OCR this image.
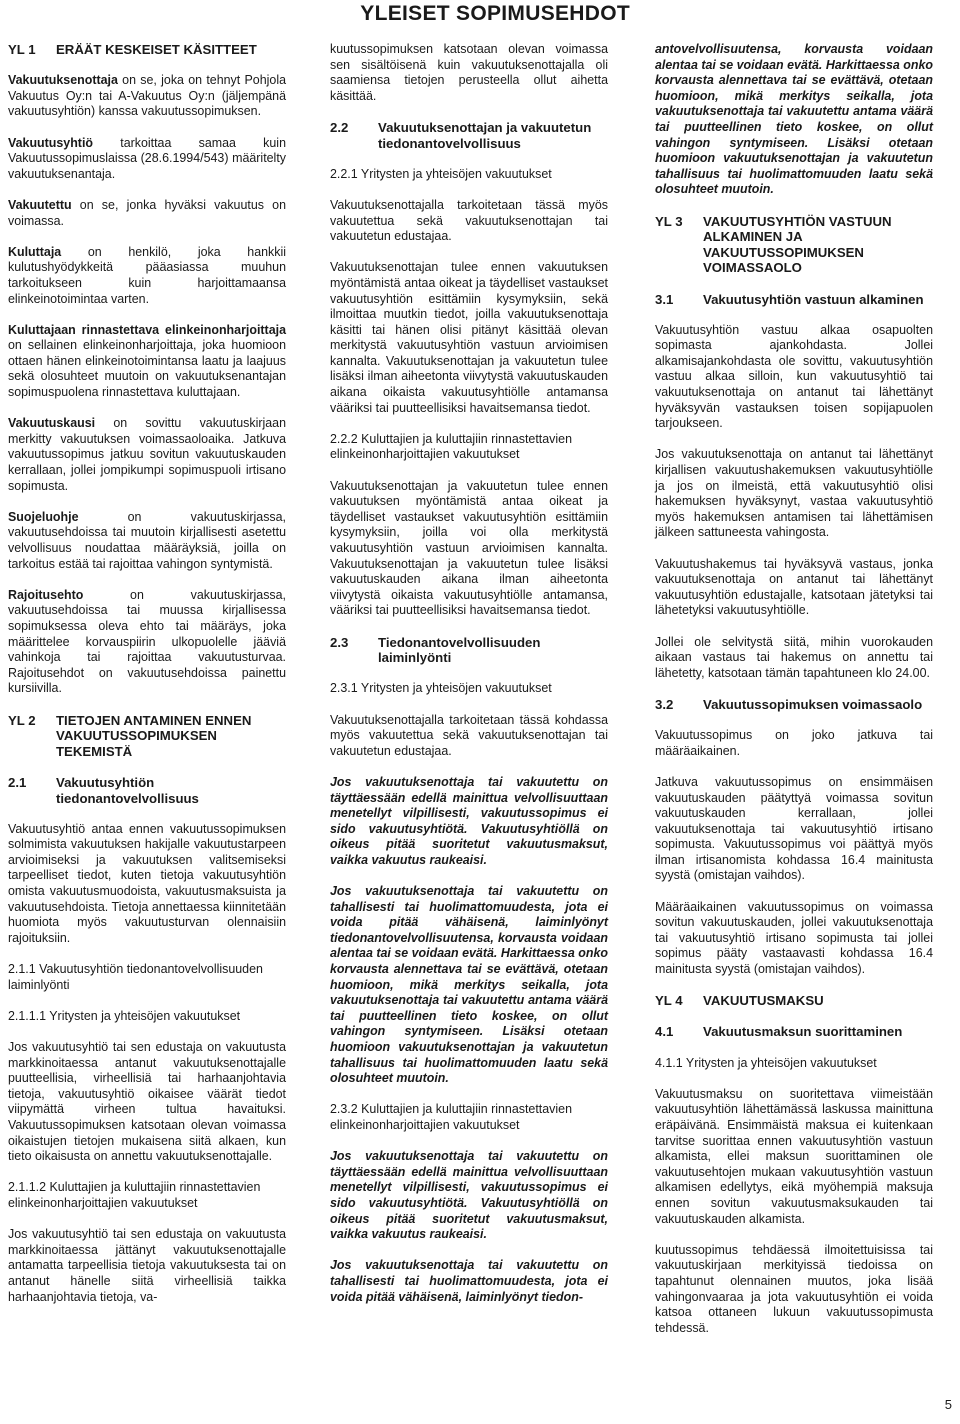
YLEISET SOPIMUSEHDOT
YL 1	ERÄÄT KESKEISET KÄSITTEET

Vakuutuksenottaja on se, joka on tehnyt Pohjola Vakuutus Oy:n tai A-Vakuutus Oy:n (jäljempänä vakuutusyhtiön) kanssa vakuutussopimuksen.

Vakuutusyhtiö tarkoittaa samaa kuin Vakuutussopimuslaissa (28.6.1994/543) määritelty vakuutuksenantaja.

Vakuutettu on se, jonka hyväksi vakuutus on voimassa.

Kuluttaja on henkilö, joka hankkii kulutushyödykkeitä pääasiassa muuhun tarkoitukseen kuin harjoittamaansa elinkeinotoimintaa varten.

Kuluttajaan rinnastettava elinkeinonharjoittaja on sellainen elinkeinonharjoittaja, joka huomioon ottaen hänen elinkeinotoimintansa laatu ja laajuus sekä olosuhteet muutoin on vakuutuksenantajan sopimuspuolena rinnastettava kuluttajaan.

Vakuutuskausi on sovittu vakuutuskirjaan merkitty vakuutuksen voimassaoloaika. Jatkuva vakuutussopimus jatkuu sovitun vakuutuskauden kerrallaan, jollei jompikumpi sopimuspuoli irtisano sopimusta.

Suojeluohje on vakuutuskirjassa, vakuutusehdoissa tai muutoin kirjallisesti asetettu velvollisuus noudattaa määräyksiä, joilla on tarkoitus estää tai rajoittaa vahingon syntymistä.

Rajoitusehto on vakuutuskirjassa, vakuutusehdoissa tai muussa kirjallisessa sopimuksessa oleva ehto tai määräys, joka määrittelee korvauspiirin ulkopuolelle jääviä vahinkoja tai rajoittaa vakuutusturvaa. Rajoitusehdot on vakuutusehdoissa painettu kursiivilla.

YL 2	TIETOJEN ANTAMINEN ENNEN VAKUUTUSSOPIMUKSEN TEKEMISTÄ
2.1	Vakuutusyhtiön tiedonantovelvollisuus

Vakuutusyhtiö antaa ennen vakuutussopimuksen solmimista vakuutuksen hakijalle vakuutustarpeen arvioimiseksi ja vakuutuksen valitsemiseksi tarpeelliset tiedot, kuten tietoja vakuutusyhtiön omista vakuutusmuodoista, vakuutusmaksuista ja vakuutusehdoista. Tietoja annettaessa kiinnitetään huomiota myös vakuutusturvan olennaisiin rajoituksiin.

2.1.1 Vakuutusyhtiön tiedonantovelvollisuuden laiminlyönti
2.1.1.1 Yritysten ja yhteisöjen vakuutukset

Jos vakuutusyhtiö tai sen edustaja on vakuutusta markkinoitaessa antanut vakuutuksenottajalle puutteellisia, virheellisiä tai harhaanjohtavia tietoja, vakuutusyhtiö oikaisee väärät tiedot viipymättä virheen tultua havaituksi. Vakuutussopimuksen katsotaan olevan voimassa oikaistujen tietojen mukaisena siitä alkaen, kun tieto oikaisusta on annettu vakuutuksenottajalle.

2.1.1.2 Kuluttajien ja kuluttajiin rinnastettavien elinkeinonharjoittajien vakuutukset

Jos vakuutusyhtiö tai sen edustaja on vakuutusta markkinoitaessa jättänyt vakuutuksenottajalle antamatta tarpeellisia tietoja vakuutuksesta tai on antanut hänelle siitä virheellisiä taikka harhaanjohtavia tietoja, va-

kuutussopimuksen katsotaan olevan voimassa sen sisältöisenä kuin vakuutuksenottajalla oli saamiensa tietojen perusteella ollut aihetta käsittää.

2.2	Vakuutuksenottajan ja vakuutetun tiedonantovelvollisuus
2.2.1 Yritysten ja yhteisöjen vakuutukset

Vakuutuksenottajalla tarkoitetaan tässä myös vakuutettua sekä vakuutuksenottajan tai vakuutetun edustajaa.

Vakuutuksenottajan tulee ennen vakuutuksen myöntämistä antaa oikeat ja täydelliset vastaukset vakuutusyhtiön esittämiin kysymyksiin, sekä ilmoittaa muutkin tiedot, joilla vakuutuksenottaja käsitti tai hänen olisi pitänyt käsittää olevan merkitystä vakuutusyhtiön vastuun arvioimisen kannalta. Vakuutuksenottajan ja vakuutetun tulee lisäksi ilman aiheetonta viivytystä vakuutuskauden aikana oikaista vakuutusyhtiölle antamansa vääriksi tai puutteellisiksi havaitsemansa tiedot.

2.2.2 Kuluttajien ja kuluttajiin rinnastettavien elinkeinonharjoittajien vakuutukset

Vakuutuksenottajan ja vakuutetun tulee ennen vakuutuksen myöntämistä antaa oikeat ja täydelliset vastaukset vakuutusyhtiön esittämiin kysymyksiin, joilla voi olla merkitystä vakuutusyhtiön vastuun arvioimisen kannalta. Vakuutuksenottajan ja vakuutetun tulee lisäksi vakuutuskauden aikana ilman aiheetonta viivytystä oikaista vakuutusyhtiölle antamansa, vääriksi tai puutteellisiksi havaitsemansa tiedot.

2.3	Tiedonantovelvollisuuden laiminlyönti
2.3.1 Yritysten ja yhteisöjen vakuutukset

Vakuutuksenottajalla tarkoitetaan tässä kohdassa myös vakuutettua sekä vakuutuksenottajan tai vakuutetun edustajaa.

Jos vakuutuksenottaja tai vakuutettu on täyttäessään edellä mainittua velvollisuuttaan menetellyt vilpillisesti, vakuutussopimus ei sido vakuutusyhtiötä. Vakuutusyhtiöllä on oikeus pitää suoritetut vakuutusmaksut, vaikka vakuutus raukeaisi.
Jos vakuutuksenottaja tai vakuutettu on tahallisesti tai huolimattomuudesta, jota ei voida pitää vähäisenä, laiminlyönyt tiedonantovelvollisuutensa, korvausta voidaan alentaa tai se voidaan evätä. Harkittaessa onko korvausta alennettava tai se evättävä, otetaan huomioon, mikä merkitys seikalla, jota vakuutuksenottaja tai vakuutettu antama väärä tai puutteellinen tieto koskee, on ollut vahingon syntymiseen. Lisäksi otetaan huomioon vakuutuksenottajan ja vakuutetun tahallisuus tai huolimattomuuden laatu sekä olosuhteet muutoin.
2.3.2 Kuluttajien ja kuluttajiin rinnastettavien elinkeinonharjoittajien vakuutukset
Jos vakuutuksenottaja tai vakuutettu on täyttäessään edellä mainittua velvollisuuttaan menetellyt vilpillisesti, vakuutussopimus ei sido vakuutusyhtiötä. Vakuutusyhtiöllä on oikeus pitää suoritetut vakuutusmaksut, vaikka vakuutus raukeaisi.
Jos vakuutuksenottaja tai vakuutettu on tahallisesti tai huolimattomuudesta, jota ei voida pitää vähäisenä, laiminlyönyt tiedon-
antovelvollisuutensa, korvausta voidaan alentaa tai se voidaan evätä. Harkittaessa onko korvausta alennettava tai se evättävä, otetaan huomioon, mikä merkitys seikalla, jota vakuutuksenottaja tai vakuutettu antama väärä tai puutteellinen tieto koskee, on ollut vahingon syntymiseen. Lisäksi otetaan huomioon vakuutuksenottajan ja vakuutetun tahallisuus tai huolimattomuuden laatu sekä olosuhteet muutoin.
YL 3	VAKUUTUSYHTIÖN VASTUUN ALKAMINEN JA VAKUUTUSSOPIMUKSEN VOIMASSAOLO
3.1	Vakuutusyhtiön vastuun alkaminen

Vakuutusyhtiön vastuu alkaa osapuolten sopimasta ajankohdasta. Jollei alkamisajankohdasta ole sovittu, vakuutusyhtiön vastuu alkaa silloin, kun vakuutusyhtiö tai vakuutuksenottaja on antanut tai lähettänyt hyväksyvän vastauksen toisen sopijapuolen tarjoukseen.

Jos vakuutuksenottaja on antanut tai lähettänyt kirjallisen vakuutushakemuksen vakuutusyhtiölle ja jos on ilmeistä, että vakuutusyhtiö olisi hakemuksen hyväksynyt, vastaa vakuutusyhtiö myös hakemuksen antamisen tai lähettämisen jälkeen sattuneesta vahingosta.

Vakuutushakemus tai hyväksyvä vastaus, jonka vakuutuksenottaja on antanut tai lähettänyt vakuutusyhtiön edustajalle, katsotaan jätetyksi tai lähetetyksi vakuutusyhtiölle.

Jollei ole selvitystä siitä, mihin vuorokauden aikaan vastaus tai hakemus on annettu tai lähetetty, katsotaan tämän tapahtuneen klo 24.00.

3.2	Vakuutussopimuksen voimassaolo

Vakuutussopimus on joko jatkuva tai määräaikainen.

Jatkuva vakuutussopimus on ensimmäisen vakuutuskauden päätyttyä voimassa sovitun vakuutuskauden kerrallaan, jollei vakuutuksenottaja tai vakuutusyhtiö irtisano sopimusta. Vakuutussopimus voi päättyä myös ilman irtisanomista kohdassa 16.4 mainitusta syystä (omistajan vaihdos).

Määräaikainen vakuutussopimus on voimassa sovitun vakuutuskauden, jollei vakuutuksenottaja tai vakuutusyhtiö irtisano sopimusta tai jollei sopimus pääty vastaavasti kohdassa 16.4 mainitusta syystä (omistajan vaihdos).

YL 4	VAKUUTUSMAKSU
4.1	Vakuutusmaksun suorittaminen
4.1.1 Yritysten ja yhteisöjen vakuutukset

Vakuutusmaksu on suoritettava viimeistään vakuutusyhtiön lähettämässä laskussa mainittuna eräpäivänä. Ensimmäistä maksua ei kuitenkaan tarvitse suorittaa ennen vakuutusyhtiön vastuun alkamista, ellei maksun suorittaminen ole vakuutusehtojen mukaan vakuutusyhtiön vastuun alkamisen edellytys, eikä myöhempiä maksuja ennen sovitun vakuutusmaksukauden tai vakuutuskauden alkamista.

kuutussopimus tehdäessä ilmoitettuisissa tai vakuutuskirjaan merkityissä tiedoissa on tapahtunut olennainen muutos, joka lisää vahingonvaaraa ja jota vakuutusyhtiön ei voida katsoa ottaneen lukuun vakuutussopimusta tehdessä.

5
